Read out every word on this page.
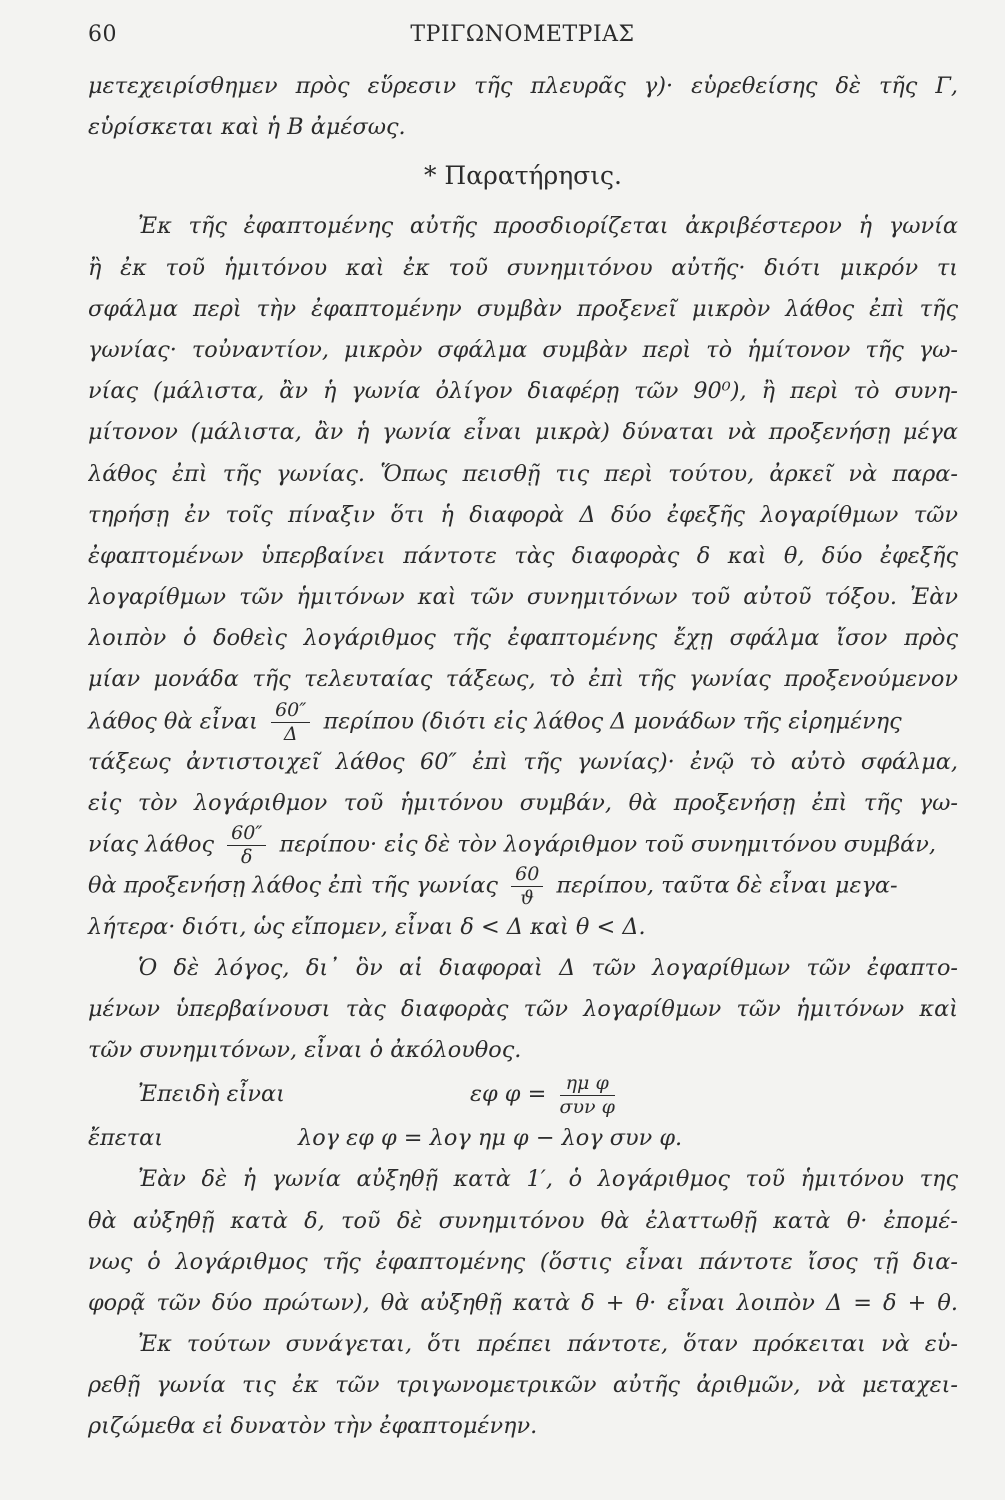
60	ΤΡΙΓΩΝΟΜΕΤΡΙΑΣ
μετεχειρίσθημεν πρὸς εὕρεσιν τῆς πλευρᾶς γ)· εὑρεθείσης δὲ τῆς Γ,
εὑρίσκεται καὶ ἡ Β ἀμέσως.
* Παρατήρησις.
Ἐκ τῆς ἐφαπτομένης αὐτῆς προσδιορίζεται ἀκριβέστερον ἡ γωνία
ἢ ἐκ τοῦ ἡμιτόνου καὶ ἐκ τοῦ συνημιτόνου αὐτῆς· διότι μικρόν τι
σφάλμα περὶ τὴν ἐφαπτομένην συμβὰν προξενεῖ μικρὸν λάθος ἐπὶ τῆς
γωνίας· τοὐναντίον, μικρὸν σφάλμα συμβὰν περὶ τὸ ἡμίτονον τῆς γω-
νίας (μάλιστα, ἂν ἡ γωνία ὀλίγον διαφέρῃ τῶν 90⁰), ἢ περὶ τὸ συνη-
μίτονον (μάλιστα, ἂν ἡ γωνία εἶναι μικρὰ) δύναται νὰ προξενήσῃ μέγα
λάθος ἐπὶ τῆς γωνίας. Ὅπως πεισθῇ τις περὶ τούτου, ἀρκεῖ νὰ παρα-
τηρήσῃ ἐν τοῖς πίναξιν ὅτι ἡ διαφορὰ Δ δύο ἐφεξῆς λογαρίθμων τῶν
ἐφαπτομένων ὑπερβαίνει πάντοτε τὰς διαφορὰς δ καὶ θ, δύο ἐφεξῆς
λογαρίθμων τῶν ἡμιτόνων καὶ τῶν συνημιτόνων τοῦ αὐτοῦ τόξου. Ἐὰν
λοιπὸν ὁ δοθεὶς λογάριθμος τῆς ἐφαπτομένης ἔχῃ σφάλμα ἴσον πρὸς
μίαν μονάδα τῆς τελευταίας τάξεως, τὸ ἐπὶ τῆς γωνίας προξενούμενον
λάθος θὰ εἶναι $\frac{60''}{\Delta}$ περίπου (διότι εἰς λάθος Δ μονάδων τῆς εἰρημένης
τάξεως ἀντιστοιχεῖ λάθος 60″ ἐπὶ τῆς γωνίας)· ἐνῷ τὸ αὐτὸ σφάλμα,
εἰς τὸν λογάριθμον τοῦ ἡμιτόνου συμβάν, θὰ προξενήσῃ ἐπὶ τῆς γω-
νίας λάθος $\frac{60''}{\delta} \pi\varepsilon\rho ί\pi o\upsilon\cdot$ εἰς δὲ τὸν λογάριθμον τοῦ συνημιτόνου συμβάν,
θὰ προξενήσῃ λάθος ἐπὶ τῆς γωνίας $\frac{60}{ϑ} \pi\varepsilon\rho ί\pi o\upsilon$, ταῦτα δὲ εἶναι μεγα-
λήτερα· διότι, ὡς εἴπομεν, εἶναι δ < Δ καὶ θ < Δ.
Ὁ δὲ λόγος, δι᾿ ὃν αἱ διαφοραὶ Δ τῶν λογαρίθμων τῶν ἐφαπτο-
μένων ὑπερβαίνουσι τὰς διαφορὰς τῶν λογαρίθμων τῶν ἡμιτόνων καὶ
τῶν συνημιτόνων, εἶναι ὁ ἀκόλουθος.
Ἐπειδὴ εἶναι	εφ $\varphi = \frac{\text{ημ φ}}{\text{συν φ}}$
ἔπεται	λογ εφ φ = λογ ημ φ − λογ συν φ.
Ἐὰν δὲ ἡ γωνία αὐξηθῇ κατὰ 1′, ὁ λογάριθμος τοῦ ἡμιτόνου της
θὰ αὐξηθῇ κατὰ δ, τοῦ δὲ συνημιτόνου θὰ ἐλαττωθῇ κατὰ θ· ἐπομέ-
νως ὁ λογάριθμος τῆς ἐφαπτομένης (ὅστις εἶναι πάντοτε ἴσος τῇ δια-
φορᾷ τῶν δύο πρώτων), θὰ αὐξηθῇ κατὰ δ + θ· εἶναι λοιπὸν Δ = δ + θ.
Ἐκ τούτων συνάγεται, ὅτι πρέπει πάντοτε, ὅταν πρόκειται νὰ εὑ-
ρεθῇ γωνία τις ἐκ τῶν τριγωνομετρικῶν αὐτῆς ἀριθμῶν, νὰ μεταχει-
ριζώμεθα εἰ δυνατὸν τὴν ἐφαπτομένην.
